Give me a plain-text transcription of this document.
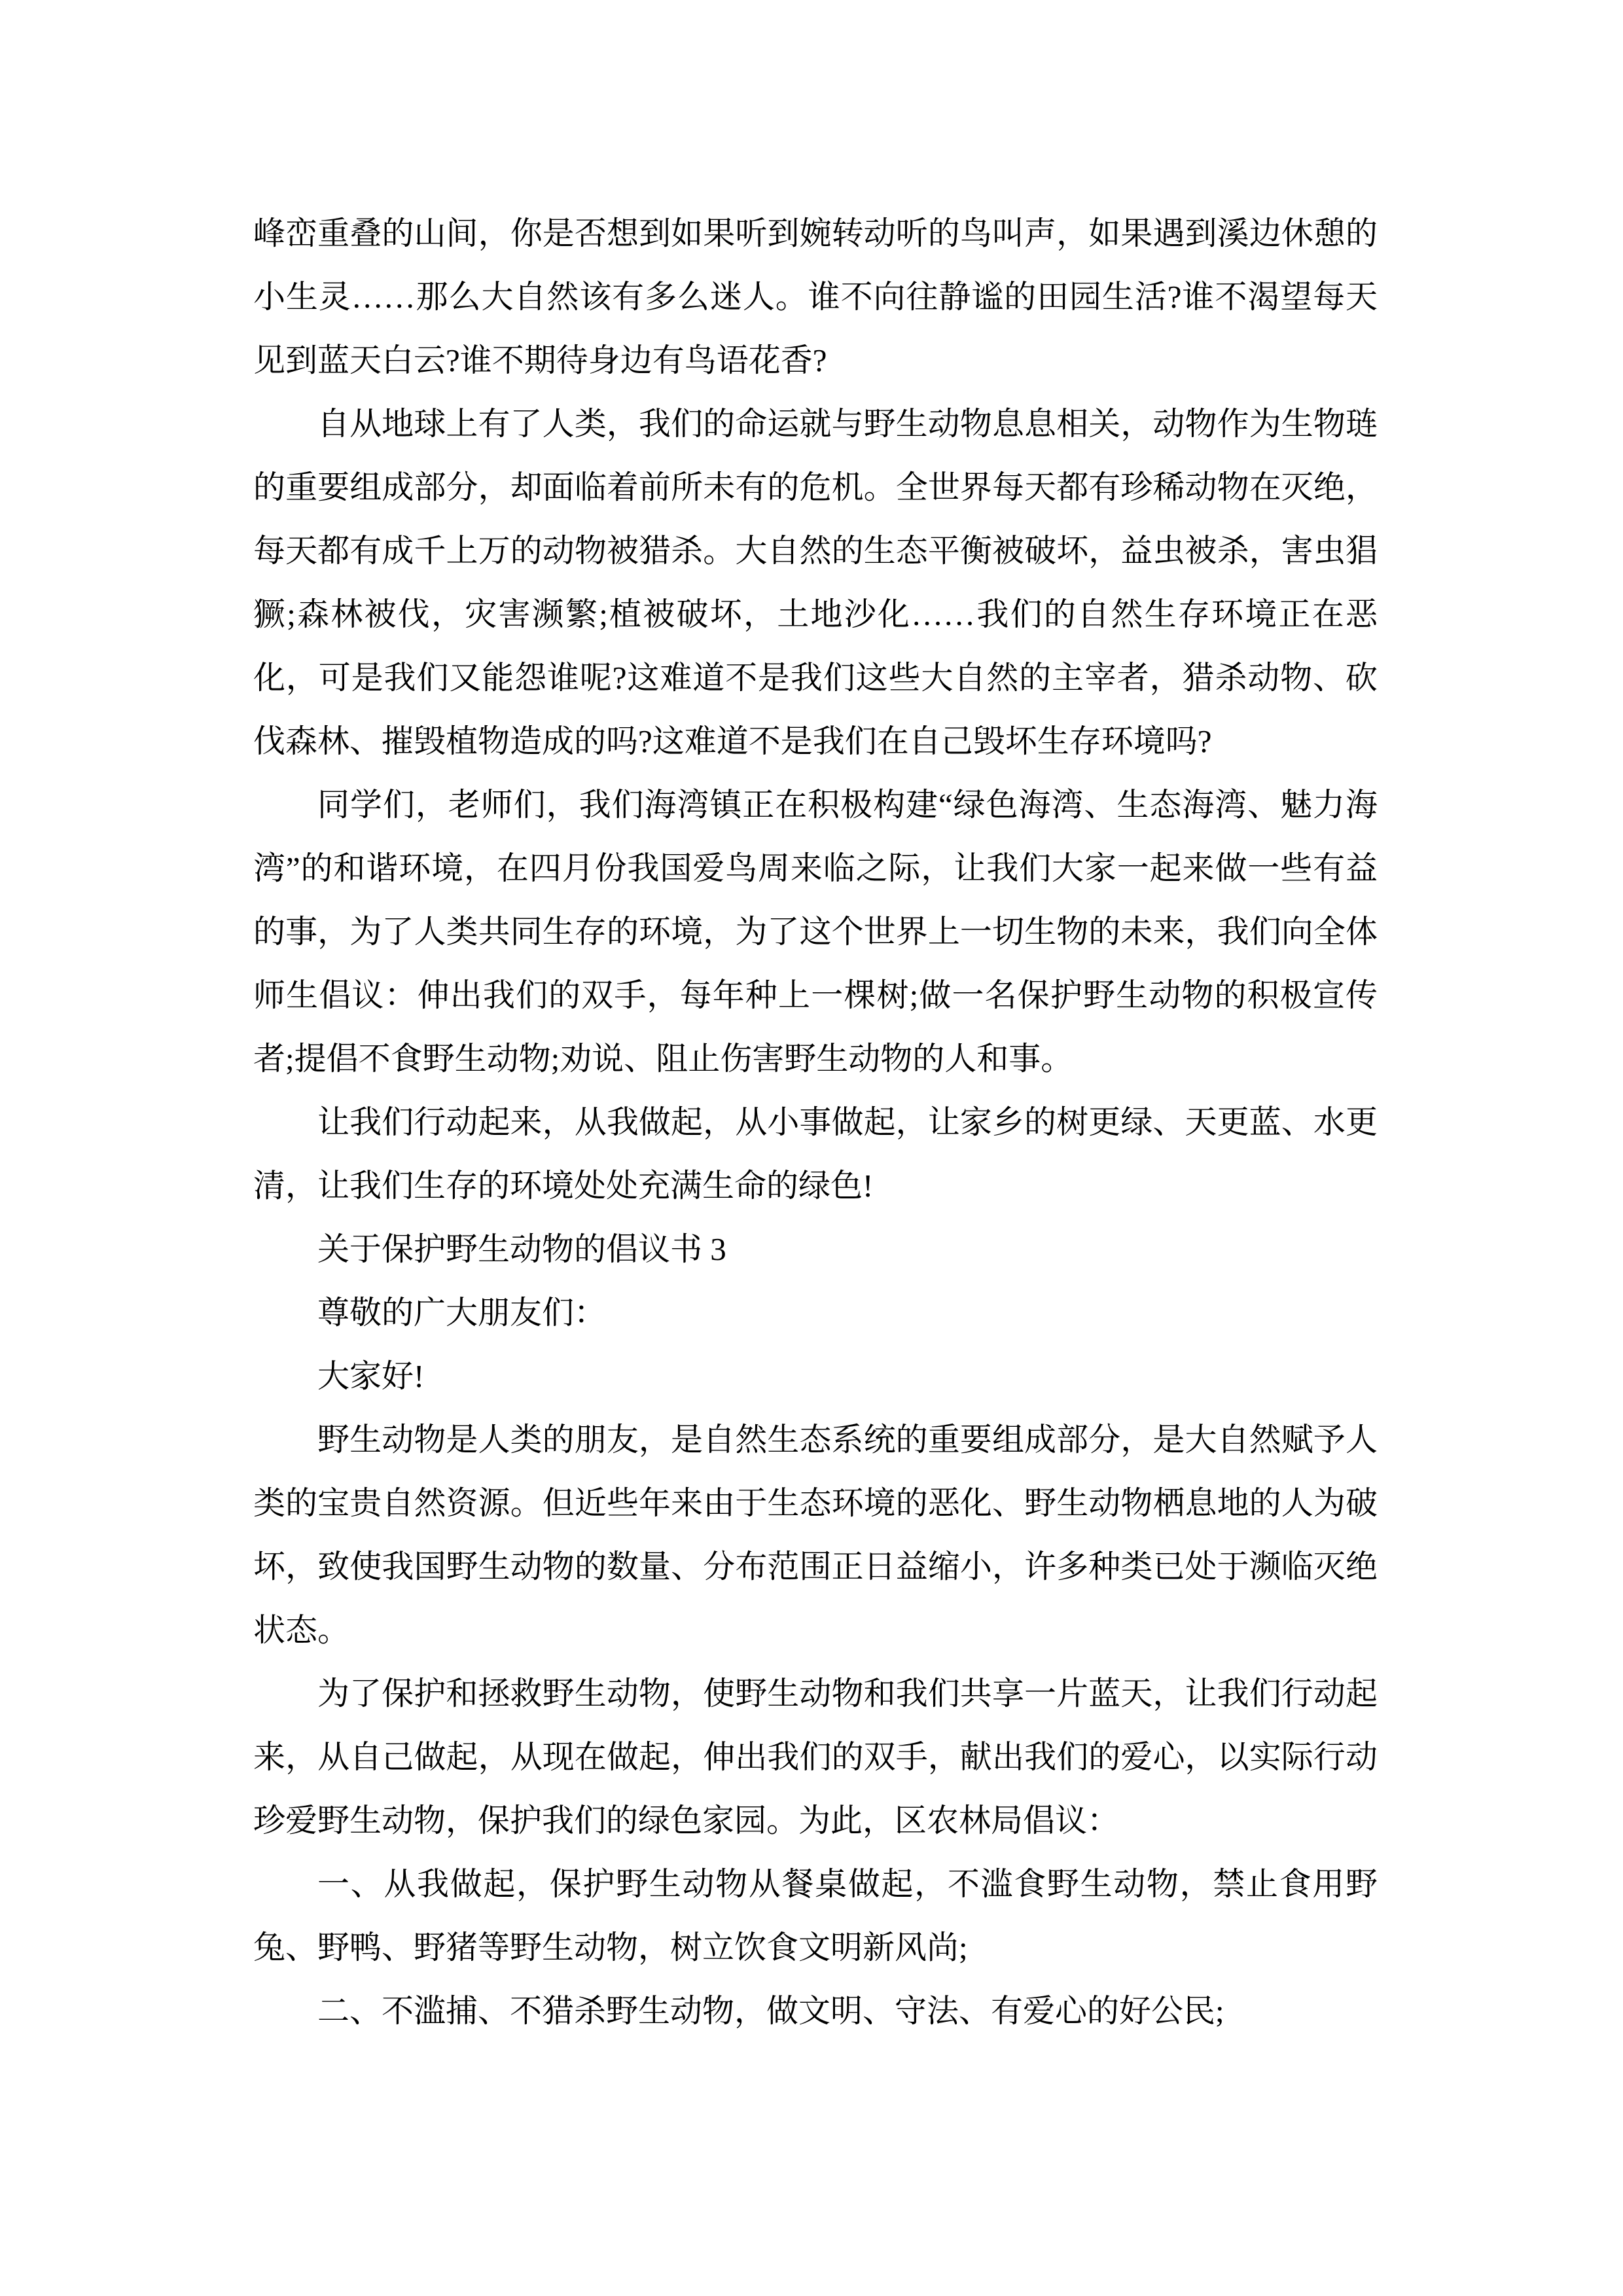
峰峦重叠的山间，你是否想到如果听到婉转动听的鸟叫声，如果遇到溪边休憩的小生灵……那么大自然该有多么迷人。谁不向往静谧的田园生活?谁不渴望每天见到蓝天白云?谁不期待身边有鸟语花香?

自从地球上有了人类，我们的命运就与野生动物息息相关，动物作为生物琏的重要组成部分，却面临着前所未有的危机。全世界每天都有珍稀动物在灭绝，每天都有成千上万的动物被猎杀。大自然的生态平衡被破坏，益虫被杀，害虫猖獗;森林被伐，灾害濒繁;植被破坏，土地沙化……我们的自然生存环境正在恶化，可是我们又能怨谁呢?这难道不是我们这些大自然的主宰者，猎杀动物、砍伐森林、摧毁植物造成的吗?这难道不是我们在自己毁坏生存环境吗?

同学们，老师们，我们海湾镇正在积极构建“绿色海湾、生态海湾、魅力海湾”的和谐环境，在四月份我国爱鸟周来临之际，让我们大家一起来做一些有益的事，为了人类共同生存的环境，为了这个世界上一切生物的未来，我们向全体师生倡议：伸出我们的双手，每年种上一棵树;做一名保护野生动物的积极宣传者;提倡不食野生动物;劝说、阻止伤害野生动物的人和事。

让我们行动起来，从我做起，从小事做起，让家乡的树更绿、天更蓝、水更清，让我们生存的环境处处充满生命的绿色!

关于保护野生动物的倡议书 3

尊敬的广大朋友们：

大家好!

野生动物是人类的朋友，是自然生态系统的重要组成部分，是大自然赋予人类的宝贵自然资源。但近些年来由于生态环境的恶化、野生动物栖息地的人为破坏，致使我国野生动物的数量、分布范围正日益缩小，许多种类已处于濒临灭绝状态。

为了保护和拯救野生动物，使野生动物和我们共享一片蓝天，让我们行动起来，从自己做起，从现在做起，伸出我们的双手，献出我们的爱心，以实际行动珍爱野生动物，保护我们的绿色家园。为此，区农林局倡议：

一、从我做起，保护野生动物从餐桌做起，不滥食野生动物，禁止食用野兔、野鸭、野猪等野生动物，树立饮食文明新风尚;

二、不滥捕、不猎杀野生动物，做文明、守法、有爱心的好公民;
